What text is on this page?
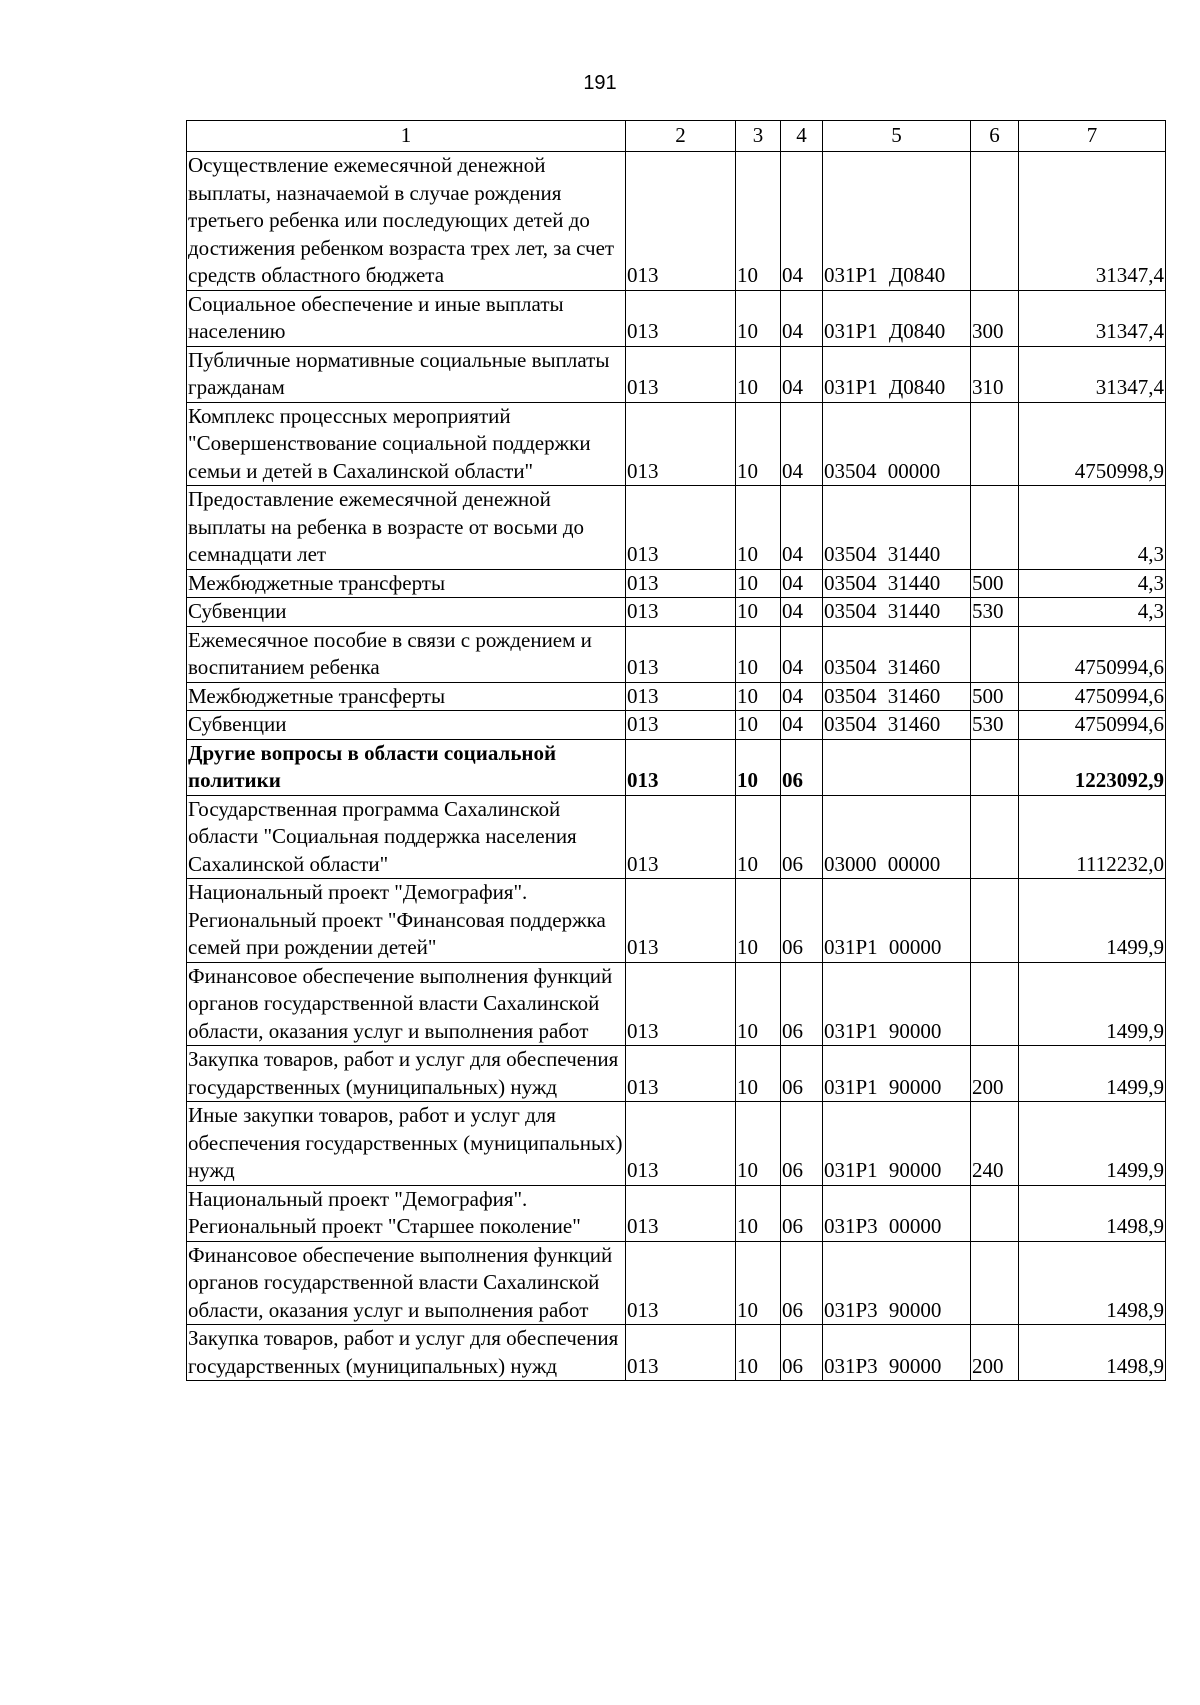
191
1	2	3	4	5	6	7
Осуществление ежемесячной денежной выплаты, назначаемой в случае рождения третьего ребенка или последующих детей до достижения ребенком возраста трех лет, за счет средств областного бюджета	013	10	04	031Р1 Д0840		31347,4
Социальное обеспечение и иные выплаты населению	013	10	04	031Р1 Д0840	300	31347,4
Публичные нормативные социальные выплаты гражданам	013	10	04	031Р1 Д0840	310	31347,4
Комплекс процессных мероприятий "Совершенствование социальной поддержки семьи и детей в Сахалинской области"	013	10	04	03504 00000		4750998,9
Предоставление ежемесячной денежной выплаты на ребенка в возрасте от восьми до семнадцати лет	013	10	04	03504 31440		4,3
Межбюджетные трансферты	013	10	04	03504 31440	500	4,3
Субвенции	013	10	04	03504 31440	530	4,3
Ежемесячное пособие в связи с рождением и воспитанием ребенка	013	10	04	03504 31460		4750994,6
Межбюджетные трансферты	013	10	04	03504 31460	500	4750994,6
Субвенции	013	10	04	03504 31460	530	4750994,6
Другие вопросы в области социальной политики	013	10	06			1223092,9
Государственная программа Сахалинской области "Социальная поддержка населения Сахалинской области"	013	10	06	03000 00000		1112232,0
Национальный проект "Демография". Региональный проект "Финансовая поддержка семей при рождении детей"	013	10	06	031Р1 00000		1499,9
Финансовое обеспечение выполнения функций органов государственной власти Сахалинской области, оказания услуг и выполнения работ	013	10	06	031Р1 90000		1499,9
Закупка товаров, работ и услуг для обеспечения государственных (муниципальных) нужд	013	10	06	031Р1 90000	200	1499,9
Иные закупки товаров, работ и услуг для обеспечения государственных (муниципальных) нужд	013	10	06	031Р1 90000	240	1499,9
Национальный проект "Демография". Региональный проект "Старшее поколение"	013	10	06	031Р3 00000		1498,9
Финансовое обеспечение выполнения функций органов государственной власти Сахалинской области, оказания услуг и выполнения работ	013	10	06	031Р3 90000		1498,9
Закупка товаров, работ и услуг для обеспечения государственных (муниципальных) нужд	013	10	06	031Р3 90000	200	1498,9
